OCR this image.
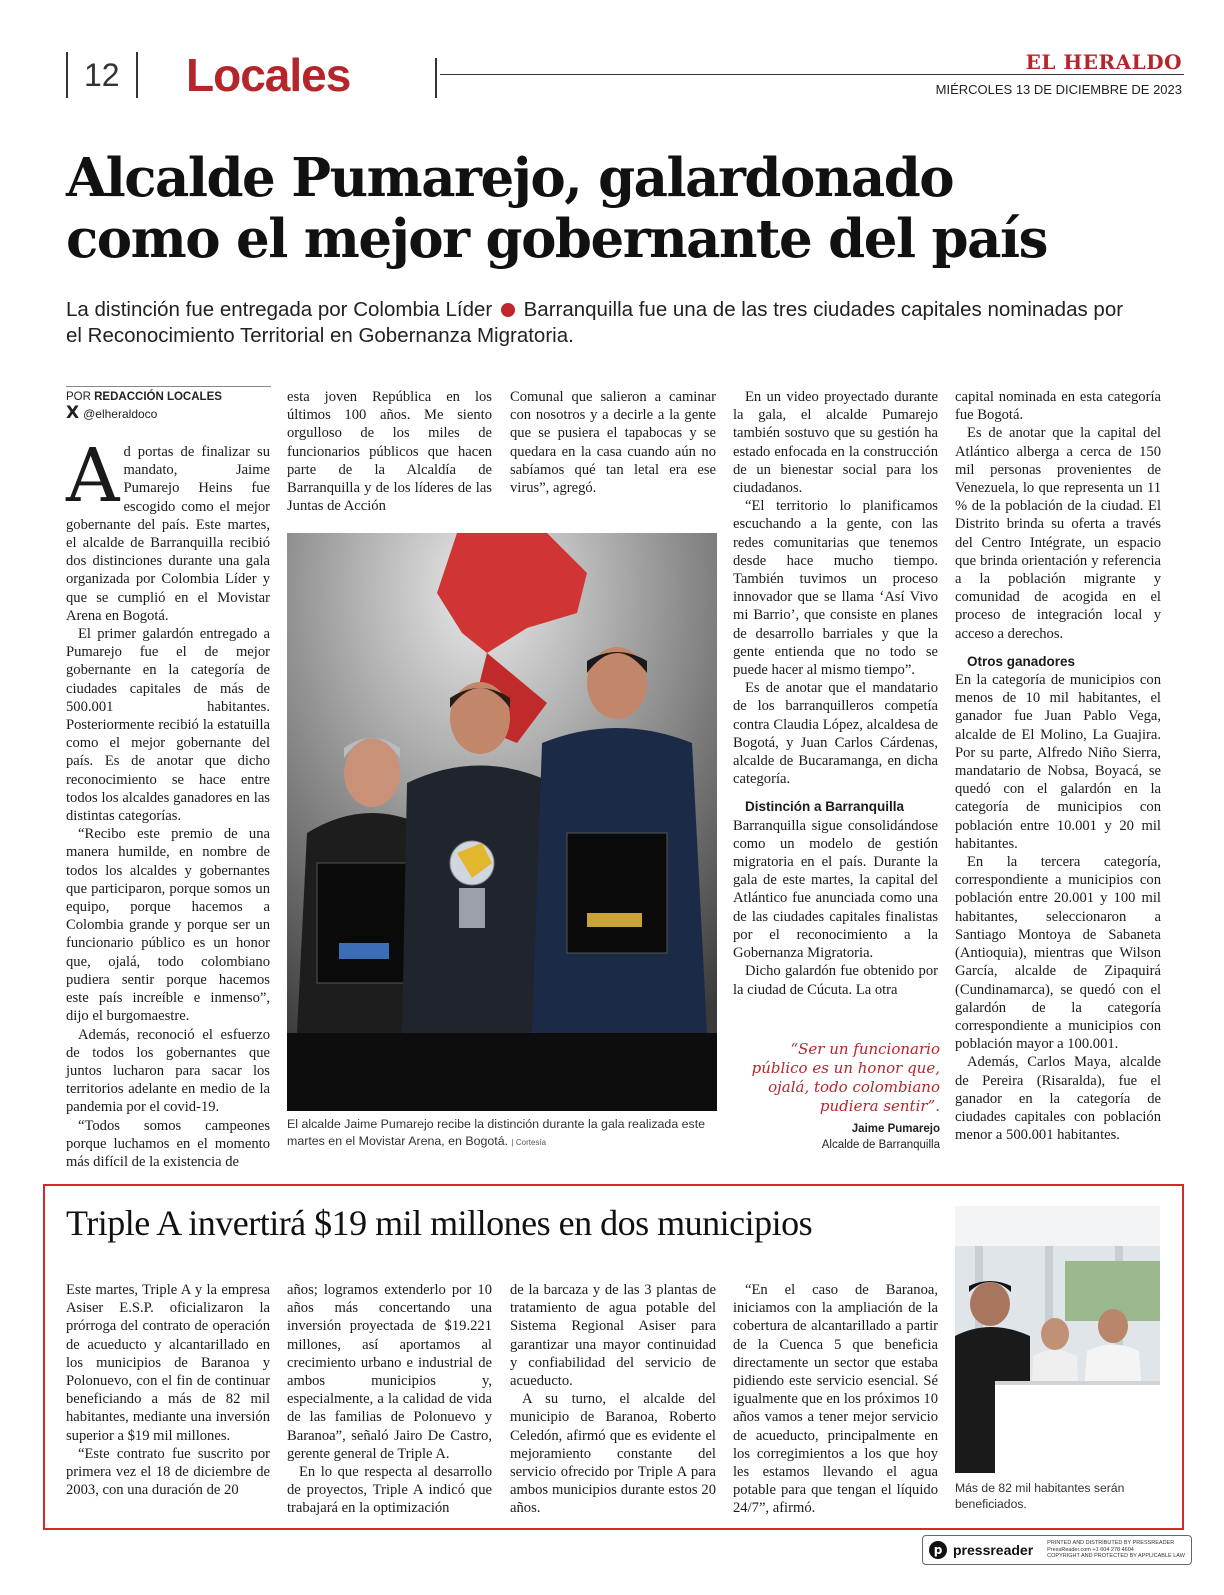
12	Locales	EL HERALDO
MIÉRCOLES 13 DE DICIEMBRE DE 2023
Alcalde Pumarejo, galardonado
como el mejor gobernante del país
La distinción fue entregada por Colombia Líder Barranquilla fue una de las tres ciudades capitales nominadas por el Reconocimiento Territorial en Gobernanza Migratoria.
POR REDACCIÓN LOCALES
X @elheraldoco

Ad portas de finalizar su mandato, Jaime Pumarejo Heins fue escogido como el mejor gobernante del país. Este martes, el alcalde de Barranquilla recibió dos distinciones durante una gala organizada por Colombia Líder y que se cumplió en el Movistar Arena en Bogotá.

El primer galardón entregado a Pumarejo fue el de mejor gobernante en la categoría de ciudades capitales de más de 500.001 habitantes. Posteriormente recibió la estatuilla como el mejor gobernante del país. Es de anotar que dicho reconocimiento se hace entre todos los alcaldes ganadores en las distintas categorías.

“Recibo este premio de una manera humilde, en nombre de todos los alcaldes y gobernantes que participaron, porque somos un equipo, porque hacemos a Colombia grande y porque ser un funcionario público es un honor que, ojalá, todo colombiano pudiera sentir porque hacemos este país increíble e inmenso”, dijo el burgomaestre.

Además, reconoció el esfuerzo de todos los gobernantes que juntos lucharon para sacar los territorios adelante en medio de la pandemia por el covid-19.

“Todos somos campeones porque luchamos en el momento más difícil de la existencia de

esta joven República en los últimos 100 años. Me siento orgulloso de los miles de funcionarios públicos que hacen parte de la Alcaldía de Barranquilla y de los líderes de las Juntas de Acción

Comunal que salieron a caminar con nosotros y a decirle a la gente que se pusiera el tapabocas y se quedara en la casa cuando aún no sabíamos qué tan letal era ese virus”, agregó.

El alcalde Jaime Pumarejo recibe la distinción durante la gala realizada este martes en el Movistar Arena, en Bogotá. | Cortesía

En un video proyectado durante la gala, el alcalde Pumarejo también sostuvo que su gestión ha estado enfocada en la construcción de un bienestar social para los ciudadanos.

“El territorio lo planificamos escuchando a la gente, con las redes comunitarias que tenemos desde hace mucho tiempo. También tuvimos un proceso innovador que se llama ‘Así Vivo mi Barrio’, que consiste en planes de desarrollo barriales y que la gente entienda que no todo se puede hacer al mismo tiempo”.

Es de anotar que el mandatario de los barranquilleros competía contra Claudia López, alcaldesa de Bogotá, y Juan Carlos Cárdenas, alcalde de Bucaramanga, en dicha categoría.

Distinción a Barranquilla

Barranquilla sigue consolidándose como un modelo de gestión migratoria en el país. Durante la gala de este martes, la capital del Atlántico fue anunciada como una de las ciudades capitales finalistas por el reconocimiento a la Gobernanza Migratoria.

Dicho galardón fue obtenido por la ciudad de Cúcuta. La otra

“Ser un funcionario público es un honor que, ojalá, todo colombiano pudiera sentir”.
Jaime Pumarejo
Alcalde de Barranquilla

capital nominada en esta categoría fue Bogotá.

Es de anotar que la capital del Atlántico alberga a cerca de 150 mil personas provenientes de Venezuela, lo que representa un 11 % de la población de la ciudad. El Distrito brinda su oferta a través del Centro Intégrate, un espacio que brinda orientación y referencia a la población migrante y comunidad de acogida en el proceso de integración local y acceso a derechos.

Otros ganadores

En la categoría de municipios con menos de 10 mil habitantes, el ganador fue Juan Pablo Vega, alcalde de El Molino, La Guajira. Por su parte, Alfredo Niño Sierra, mandatario de Nobsa, Boyacá, se quedó con el galardón en la categoría de municipios con población entre 10.001 y 20 mil habitantes.

En la tercera categoría, correspondiente a municipios con población entre 20.001 y 100 mil habitantes, seleccionaron a Santiago Montoya de Sabaneta (Antioquia), mientras que Wilson García, alcalde de Zipaquirá (Cundinamarca), se quedó con el galardón de la categoría correspondiente a municipios con población mayor a 100.001.

Además, Carlos Maya, alcalde de Pereira (Risaralda), fue el ganador en la categoría de ciudades capitales con población menor a 500.001 habitantes.

Triple A invertirá $19 mil millones en dos municipios

Este martes, Triple A y la empresa Asiser E.S.P. oficializaron la prórroga del contrato de operación de acueducto y alcantarillado en los municipios de Baranoa y Polonuevo, con el fin de continuar beneficiando a más de 82 mil habitantes, mediante una inversión superior a $19 mil millones.

“Este contrato fue suscrito por primera vez el 18 de diciembre de 2003, con una duración de 20

años; logramos extenderlo por 10 años más concertando una inversión proyectada de $19.221 millones, así aportamos al crecimiento urbano e industrial de ambos municipios y, especialmente, a la calidad de vida de las familias de Polonuevo y Baranoa”, señaló Jairo De Castro, gerente general de Triple A.

En lo que respecta al desarrollo de proyectos, Triple A indicó que trabajará en la optimización

de la barcaza y de las 3 plantas de tratamiento de agua potable del Sistema Regional Asiser para garantizar una mayor continuidad y confiabilidad del servicio de acueducto.

A su turno, el alcalde del municipio de Baranoa, Roberto Celedón, afirmó que es evidente el mejoramiento constante del servicio ofrecido por Triple A para ambos municipios durante estos 20 años.

“En el caso de Baranoa, iniciamos con la ampliación de la cobertura de alcantarillado a partir de la Cuenca 5 que beneficia directamente un sector que estaba pidiendo este servicio esencial. Sé igualmente que en los próximos 10 años vamos a tener mejor servicio de acueducto, principalmente en los corregimientos a los que hoy les estamos llevando el agua potable para que tengan el líquido 24/7”, afirmó.

Más de 82 mil habitantes serán beneficiados.
p pressreader	PRINTED AND DISTRIBUTED BY PRESSREADER
PressReader.com +1 604 278 4604
COPYRIGHT AND PROTECTED BY APPLICABLE LAW
